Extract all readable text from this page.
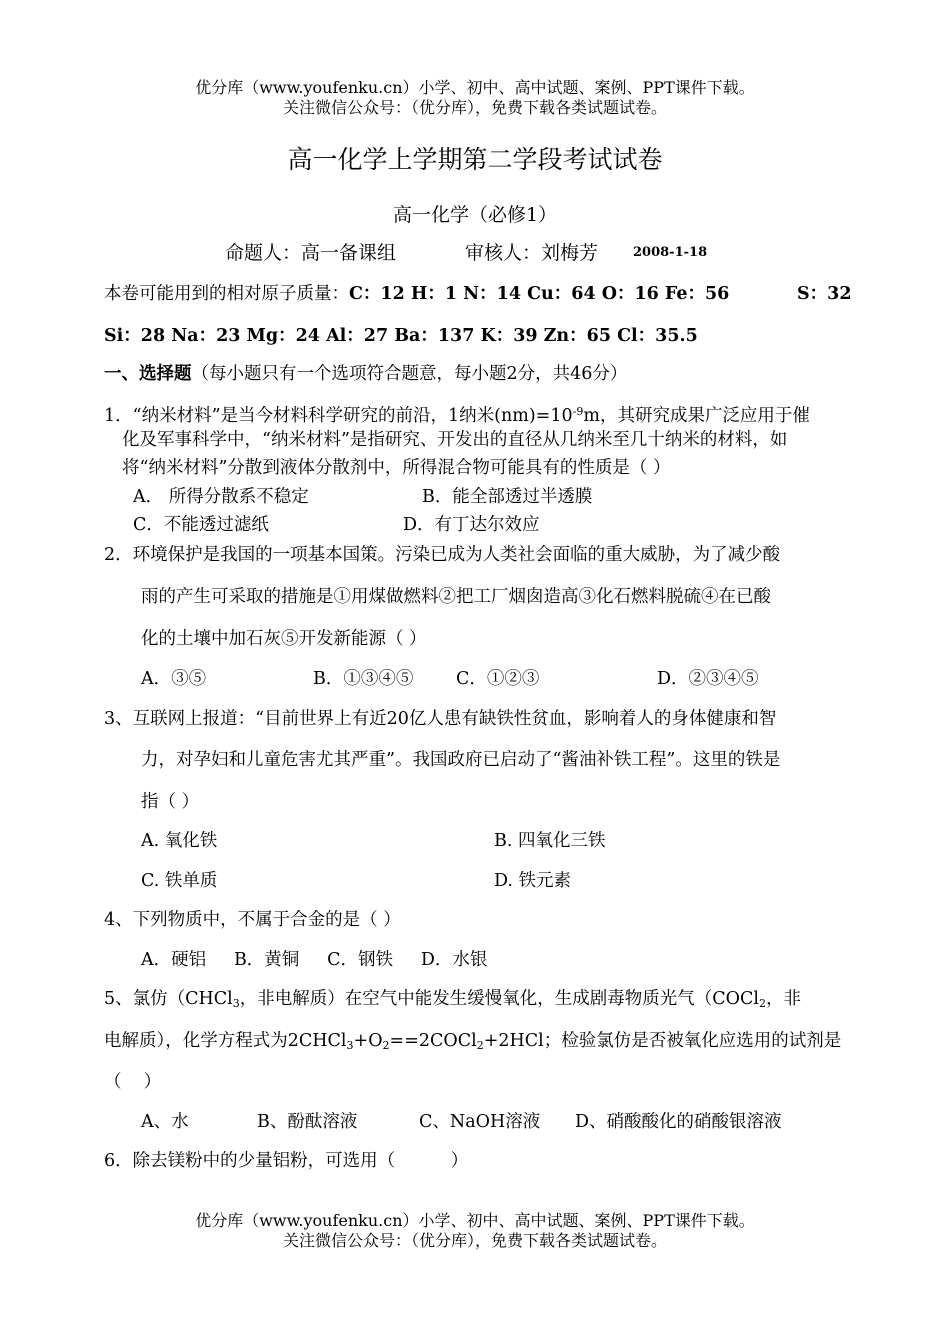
优分库（www.youfenku.cn）小学、初中、高中试题、案例、PPT课件下载。
关注微信公众号：（优分库），免费下载各类试题试卷。
高一化学上学期第二学段考试试卷
高一化学（必修1）
命题人：高一备课组	审核人：刘梅芳	2008-1-18
本卷可能用到的相对原子质量：C：12 H：1 N：14 Cu：64 O：16 Fe：56	S：32
Si：28 Na：23 Mg：24 Al：27 Ba：137 K：39 Zn：65 Cl：35.5
一、选择题（每小题只有一个选项符合题意，每小题2分，共46分）
1．“纳米材料”是当今材料科学研究的前沿，1纳米$(nm)=10^{-9}m$，其研究成果广泛应用于催
化及军事科学中，“纳米材料”是指研究、开发出的直径从几纳米至几十纳米的材料，如
将“纳米材料”分散到液体分散剂中，所得混合物可能具有的性质是（ ）
A． 所得分散系不稳定	B．能全部透过半透膜
C．不能透过滤纸	D．有丁达尔效应
2．环境保护是我国的一项基本国策。污染已成为人类社会面临的重大威胁，为了减少酸
雨的产生可采取的措施是①用煤做燃料②把工厂烟囱造高③化石燃料脱硫④在已酸
化的土壤中加石灰⑤开发新能源（ ）
A．③⑤	B．①③④⑤ C．①②③	D．②③④⑤
3、互联网上报道：“目前世界上有近20亿人患有缺铁性贫血，影响着人的身体健康和智
力，对孕妇和儿童危害尤其严重”。我国政府已启动了“酱油补铁工程”。这里的铁是
指（ ）
A. 氧化铁	B. 四氧化三铁
C. 铁单质	D. 铁元素
4、下列物质中，不属于合金的是（ ）
A．硬铝     B．黄铜     C．钢铁     D．水银
5、氯仿（CHCl3，非电解质）在空气中能发生缓慢氧化，生成剧毒物质光气（COCl2，非
电解质），化学方程式为2CHCl3+O2==2COCl2+2HCl；检验氯仿是否被氧化应选用的试剂是
（    ）
A、水	B、酚酞溶液	C、NaOH溶液 D、硝酸酸化的硝酸银溶液
6．除去镁粉中的少量铝粉，可选用（          ）
优分库（www.youfenku.cn）小学、初中、高中试题、案例、PPT课件下载。
关注微信公众号：（优分库），免费下载各类试题试卷。
